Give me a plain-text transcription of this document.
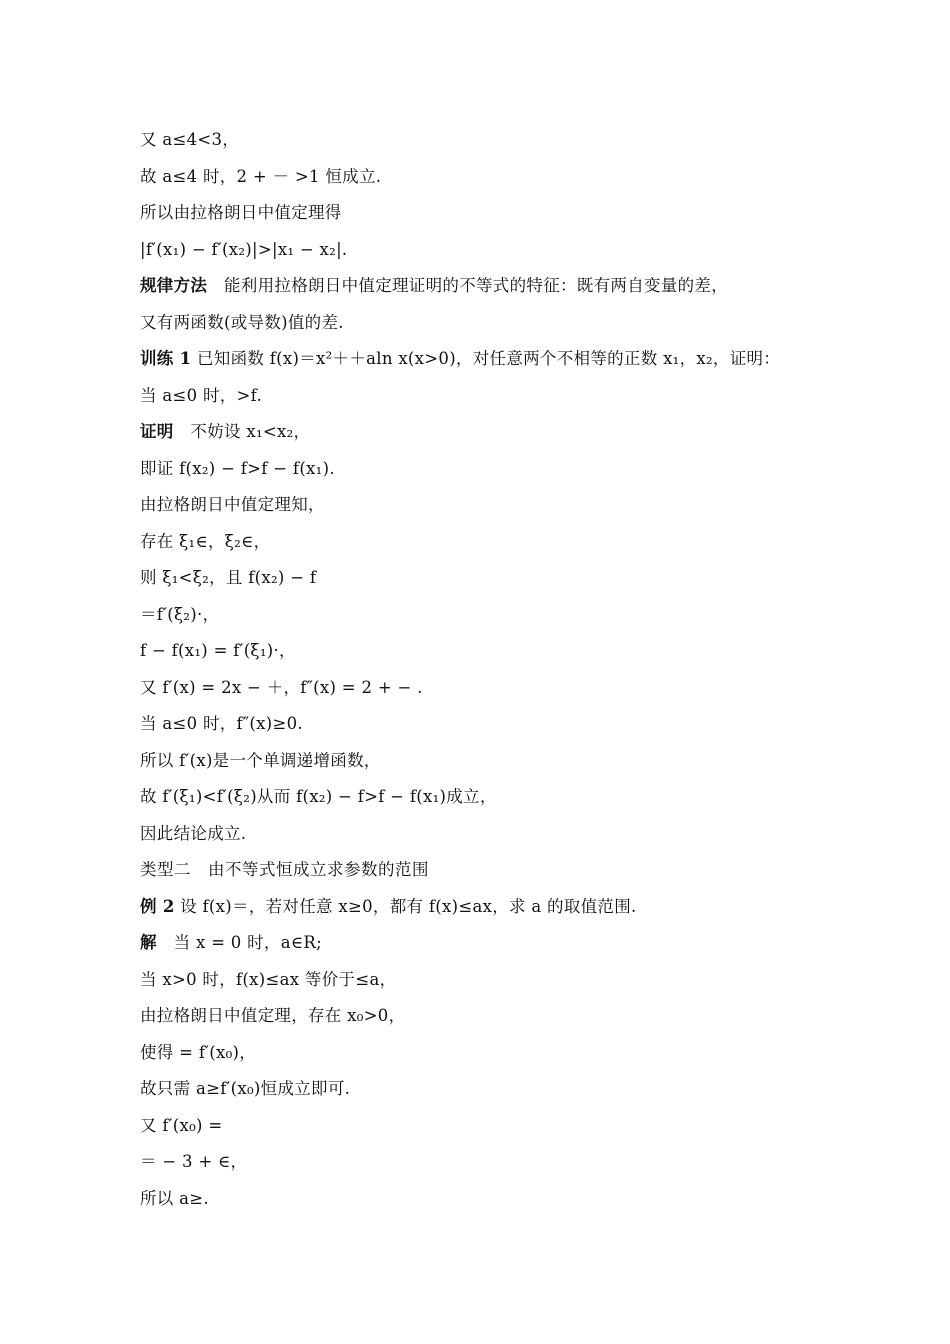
又 a≤4<3，
故 a≤4 时，2 + － >1 恒成立.
所以由拉格朗日中值定理得
|f′(x₁) − f′(x₂)|>|x₁ − x₂|.
规律方法　能利用拉格朗日中值定理证明的不等式的特征：既有两自变量的差，
又有两函数(或导数)值的差.
训练 1 已知函数 f(x)＝x²＋＋aln x(x>0)，对任意两个不相等的正数 x₁，x₂，证明：
当 a≤0 时，>f.
证明　不妨设 x₁<x₂，
即证 f(x₂) − f>f − f(x₁).
由拉格朗日中值定理知，
存在 ξ₁∈，ξ₂∈，
则 ξ₁<ξ₂，且 f(x₂) − f
＝f′(ξ₂)·，
f − f(x₁) = f′(ξ₁)·，
又 f′(x) = 2x − ＋，f″(x) = 2 + − .
当 a≤0 时，f″(x)≥0.
所以 f′(x)是一个单调递增函数，
故 f′(ξ₁)<f′(ξ₂)从而 f(x₂) − f>f − f(x₁)成立，
因此结论成立.
类型二　由不等式恒成立求参数的范围
例 2 设 f(x)＝，若对任意 x≥0，都有 f(x)≤ax，求 a 的取值范围.
解　当 x = 0 时，a∈R;
当 x>0 时，f(x)≤ax 等价于≤a，
由拉格朗日中值定理，存在 x₀>0，
使得 = f′(x₀)，
故只需 a≥f′(x₀)恒成立即可.
又 f′(x₀) =
＝ − 3 + ∈，
所以 a≥.
